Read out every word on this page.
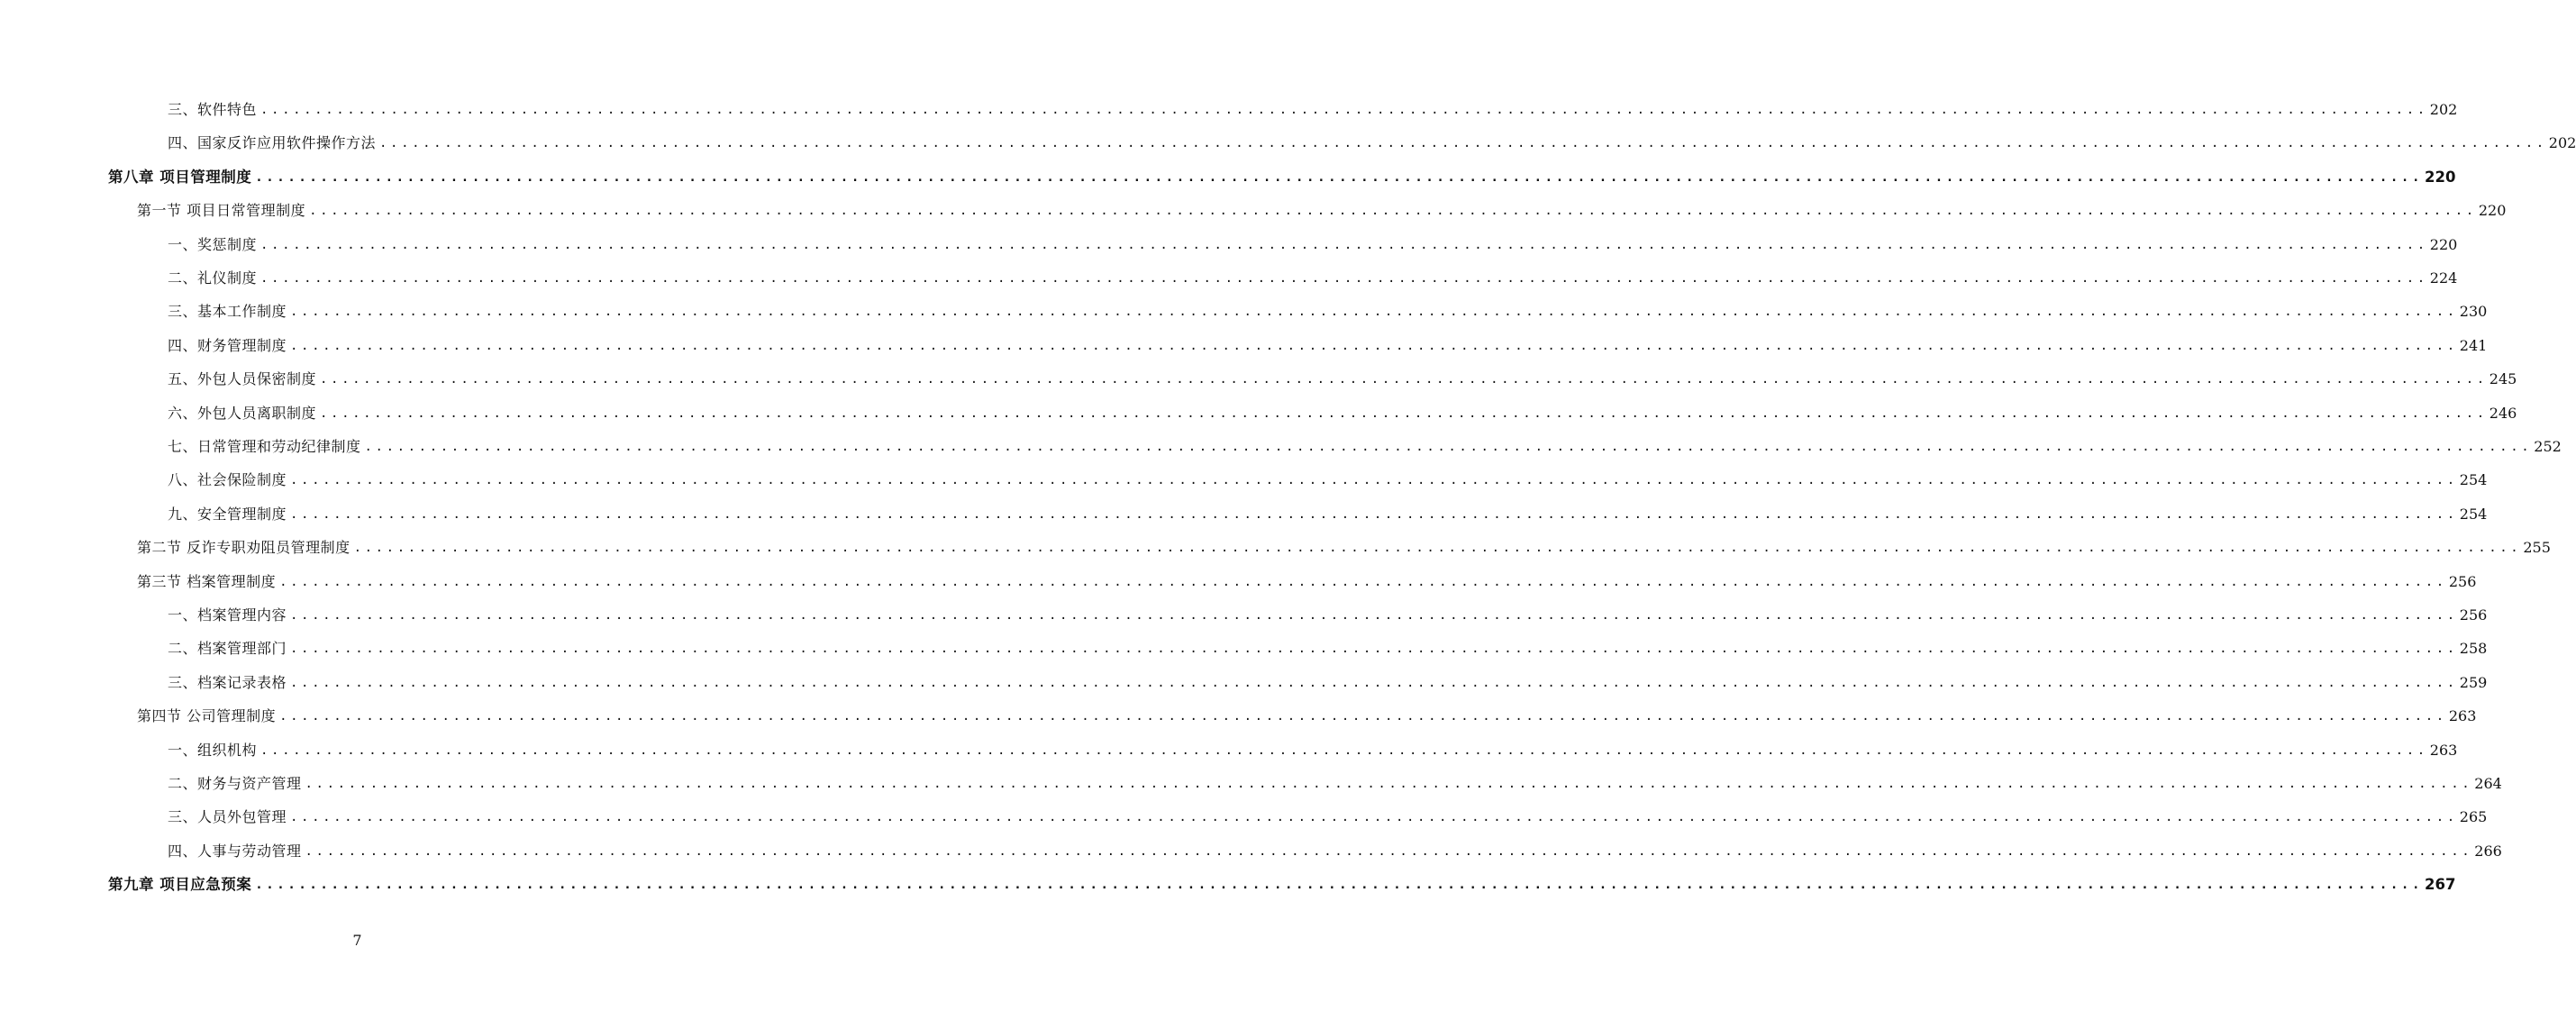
三、软件特色 ........................................................................................................................................................................................................ 202
四、国家反诈应用软件操作方法 ........................................................................................................................................................................................................ 202
第八章 项目管理制度 ........................................................................................................................................................................................................ 220
第一节 项目日常管理制度 ........................................................................................................................................................................................................ 220
一、奖惩制度 ........................................................................................................................................................................................................ 220
二、礼仪制度 ........................................................................................................................................................................................................ 224
三、基本工作制度 ........................................................................................................................................................................................................ 230
四、财务管理制度 ........................................................................................................................................................................................................ 241
五、外包人员保密制度 ........................................................................................................................................................................................................ 245
六、外包人员离职制度 ........................................................................................................................................................................................................ 246
七、日常管理和劳动纪律制度 ........................................................................................................................................................................................................ 252
八、社会保险制度 ........................................................................................................................................................................................................ 254
九、安全管理制度 ........................................................................................................................................................................................................ 254
第二节 反诈专职劝阻员管理制度 ........................................................................................................................................................................................................ 255
第三节 档案管理制度 ........................................................................................................................................................................................................ 256
一、档案管理内容 ........................................................................................................................................................................................................ 256
二、档案管理部门 ........................................................................................................................................................................................................ 258
三、档案记录表格 ........................................................................................................................................................................................................ 259
第四节 公司管理制度 ........................................................................................................................................................................................................ 263
一、组织机构 ........................................................................................................................................................................................................ 263
二、财务与资产管理 ........................................................................................................................................................................................................ 264
三、人员外包管理 ........................................................................................................................................................................................................ 265
四、人事与劳动管理 ........................................................................................................................................................................................................ 266
第九章 项目应急预案 ........................................................................................................................................................................................................ 267
7
